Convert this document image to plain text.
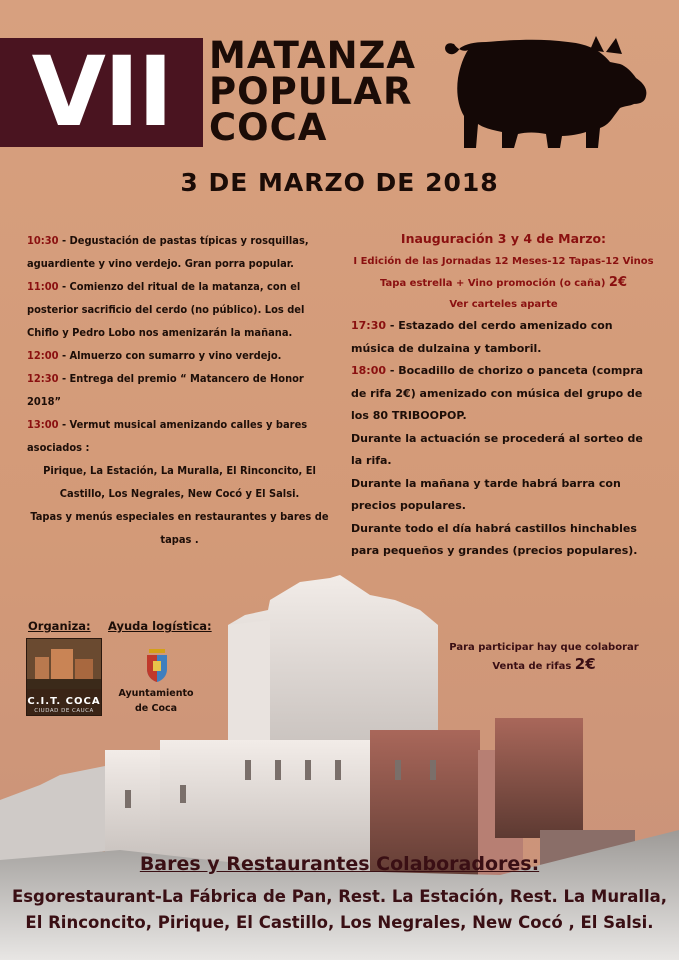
VII	MATANZA
POPULAR
COCA
3 DE MARZO DE 2018

10:30 - Degustación de pastas típicas y rosquillas, aguardiente y vino verdejo. Gran porra popular.

11:00 - Comienzo del ritual de la matanza, con el posterior sacrificio del cerdo (no público). Los del Chiflo y Pedro Lobo nos amenizarán la mañana.

12:00 - Almuerzo con sumarro y vino verdejo.

12:30 - Entrega del premio “ Matancero de Honor 2018”

13:00 - Vermut musical amenizando calles y bares asociados :

Pirique, La Estación, La Muralla, El Rinconcito, El Castillo, Los Negrales, New Cocó y El Salsi.

Tapas y menús especiales en restaurantes y bares de tapas .

Inauguración 3 y 4 de Marzo:

I Edición de las Jornadas 12 Meses-12 Tapas-12 Vinos

Tapa estrella + Vino promoción (o caña) 2€

Ver carteles aparte

17:30 - Estazado del cerdo amenizado con música de dulzaina y tamboril.

18:00 - Bocadillo de chorizo o panceta (compra de rifa 2€) amenizado con música del grupo de los 80 TRIBOOPOP.

Durante la actuación se procederá al sorteo de la rifa.

Durante la mañana y tarde habrá barra con precios populares.

Durante todo el día habrá castillos hinchables para pequeños y grandes (precios populares).

Organiza: Ayuda logística:
C.I.T. COCA
CIUDAD DE CAUCA
Ayuntamiento
de Coca
Para participar hay que colaborar
Venta de rifas 2€
Bares y Restaurantes Colaboradores:
Esgorestaurant-La Fábrica de Pan, Rest. La Estación, Rest. La Muralla,
El Rinconcito, Pirique, El Castillo, Los Negrales, New Cocó , El Salsi.
